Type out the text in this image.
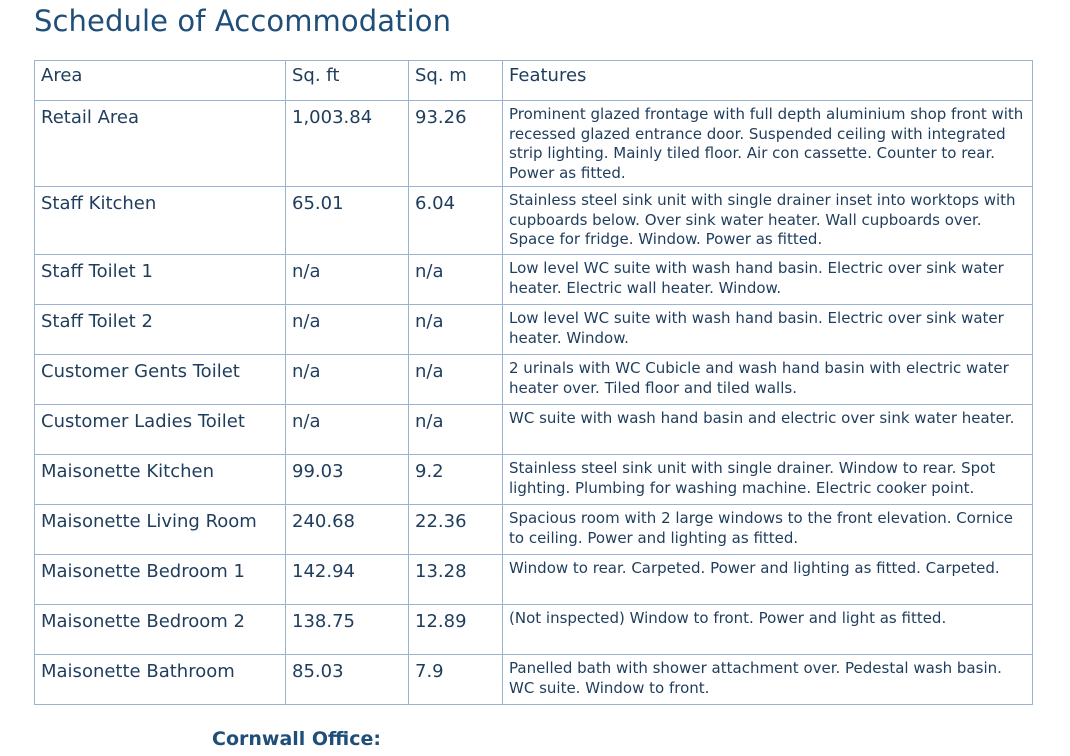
Schedule of Accommodation
Area	Sq. ft	Sq. m	Features
Retail Area	1,003.84	93.26	Prominent glazed frontage with full depth aluminium shop front with recessed glazed entrance door. Suspended ceiling with integrated strip lighting. Mainly tiled floor. Air con cassette. Counter to rear. Power as fitted.
Staff Kitchen	65.01	6.04	Stainless steel sink unit with single drainer inset into worktops with cupboards below. Over sink water heater. Wall cupboards over. Space for fridge. Window. Power as fitted.
Staff Toilet 1	n/a	n/a	Low level WC suite with wash hand basin. Electric over sink water heater. Electric wall heater. Window.
Staff Toilet 2	n/a	n/a	Low level WC suite with wash hand basin. Electric over sink water heater. Window.
Customer Gents Toilet	n/a	n/a	2 urinals with WC Cubicle and wash hand basin with electric water heater over. Tiled floor and tiled walls.
Customer Ladies Toilet	n/a	n/a	WC suite with wash hand basin and electric over sink water heater.
Maisonette Kitchen	99.03	9.2	Stainless steel sink unit with single drainer. Window to rear. Spot lighting. Plumbing for washing machine. Electric cooker point.
Maisonette Living Room	240.68	22.36	Spacious room with 2 large windows to the front elevation. Cornice to ceiling. Power and lighting as fitted.
Maisonette Bedroom 1	142.94	13.28	Window to rear. Carpeted. Power and lighting as fitted. Carpeted.
Maisonette Bedroom 2	138.75	12.89	(Not inspected) Window to front. Power and light as fitted.
Maisonette Bathroom	85.03	7.9	Panelled bath with shower attachment over. Pedestal wash basin. WC suite. Window to front.
Cornwall Office:
